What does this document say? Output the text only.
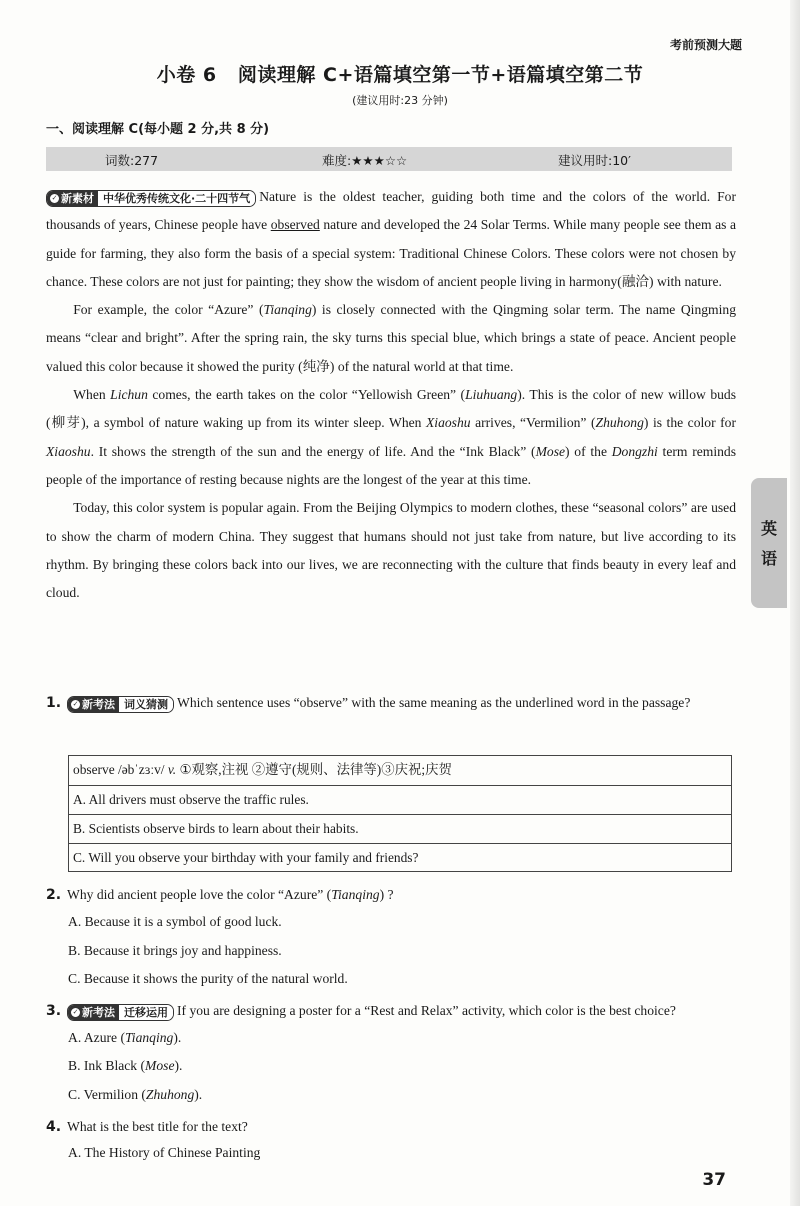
考前预测大题
小卷 6   阅读理解 C+语篇填空第一节+语篇填空第二节
(建议用时:23 分钟)
一、阅读理解 C(每小题 2 分,共 8 分)
词数:277	难度:★★★☆☆	建议用时:10′

✓ 新素材 中华优秀传统文化·二十四节气 Nature is the oldest teacher, guiding both time and the colors of the world. For thousands of years, Chinese people have observed nature and developed the 24 Solar Terms. While many people see them as a guide for farming, they also form the basis of a special system: Traditional Chinese Colors. These colors were not chosen by chance. These colors are not just for painting; they show the wisdom of ancient people living in harmony(融洽) with nature.

For example, the color “Azure” (Tianqing) is closely connected with the Qingming solar term. The name Qingming means “clear and bright”. After the spring rain, the sky turns this special blue, which brings a state of peace. Ancient people valued this color because it showed the purity (纯净) of the natural world at that time.

When Lichun comes, the earth takes on the color “Yellowish Green” (Liuhuang). This is the color of new willow buds (柳芽), a symbol of nature waking up from its winter sleep. When Xiaoshu arrives, “Vermilion” (Zhuhong) is the color for Xiaoshu. It shows the strength of the sun and the energy of life. And the “Ink Black” (Mose) of the Dongzhi term reminds people of the importance of resting because nights are the longest of the year at this time.

Today, this color system is popular again. From the Beijing Olympics to modern clothes, these “seasonal colors” are used to show the charm of modern China. They suggest that humans should not just take from nature, but live according to its rhythm. By bringing these colors back into our lives, we are reconnecting with the culture that finds beauty in every leaf and cloud.

1. ✓ 新考法 词义猜测 Which sentence uses “observe” with the same meaning as the underlined word in the passage?
observe /əbˈzɜːv/ v. ①观察,注视 ②遵守(规则、法律等)③庆祝;庆贺
A. All drivers must observe the traffic rules.
B. Scientists observe birds to learn about their habits.
C. Will you observe your birthday with your family and friends?
2. Why did ancient people love the color “Azure” (Tianqing) ?
A. Because it is a symbol of good luck.
B. Because it brings joy and happiness.
C. Because it shows the purity of the natural world.
3. ✓ 新考法 迁移运用 If you are designing a poster for a “Rest and Relax” activity, which color is the best choice?
A. Azure (Tianqing).
B. Ink Black (Mose).
C. Vermilion (Zhuhong).
4. What is the best title for the text?
A. The History of Chinese Painting
英
语
37
